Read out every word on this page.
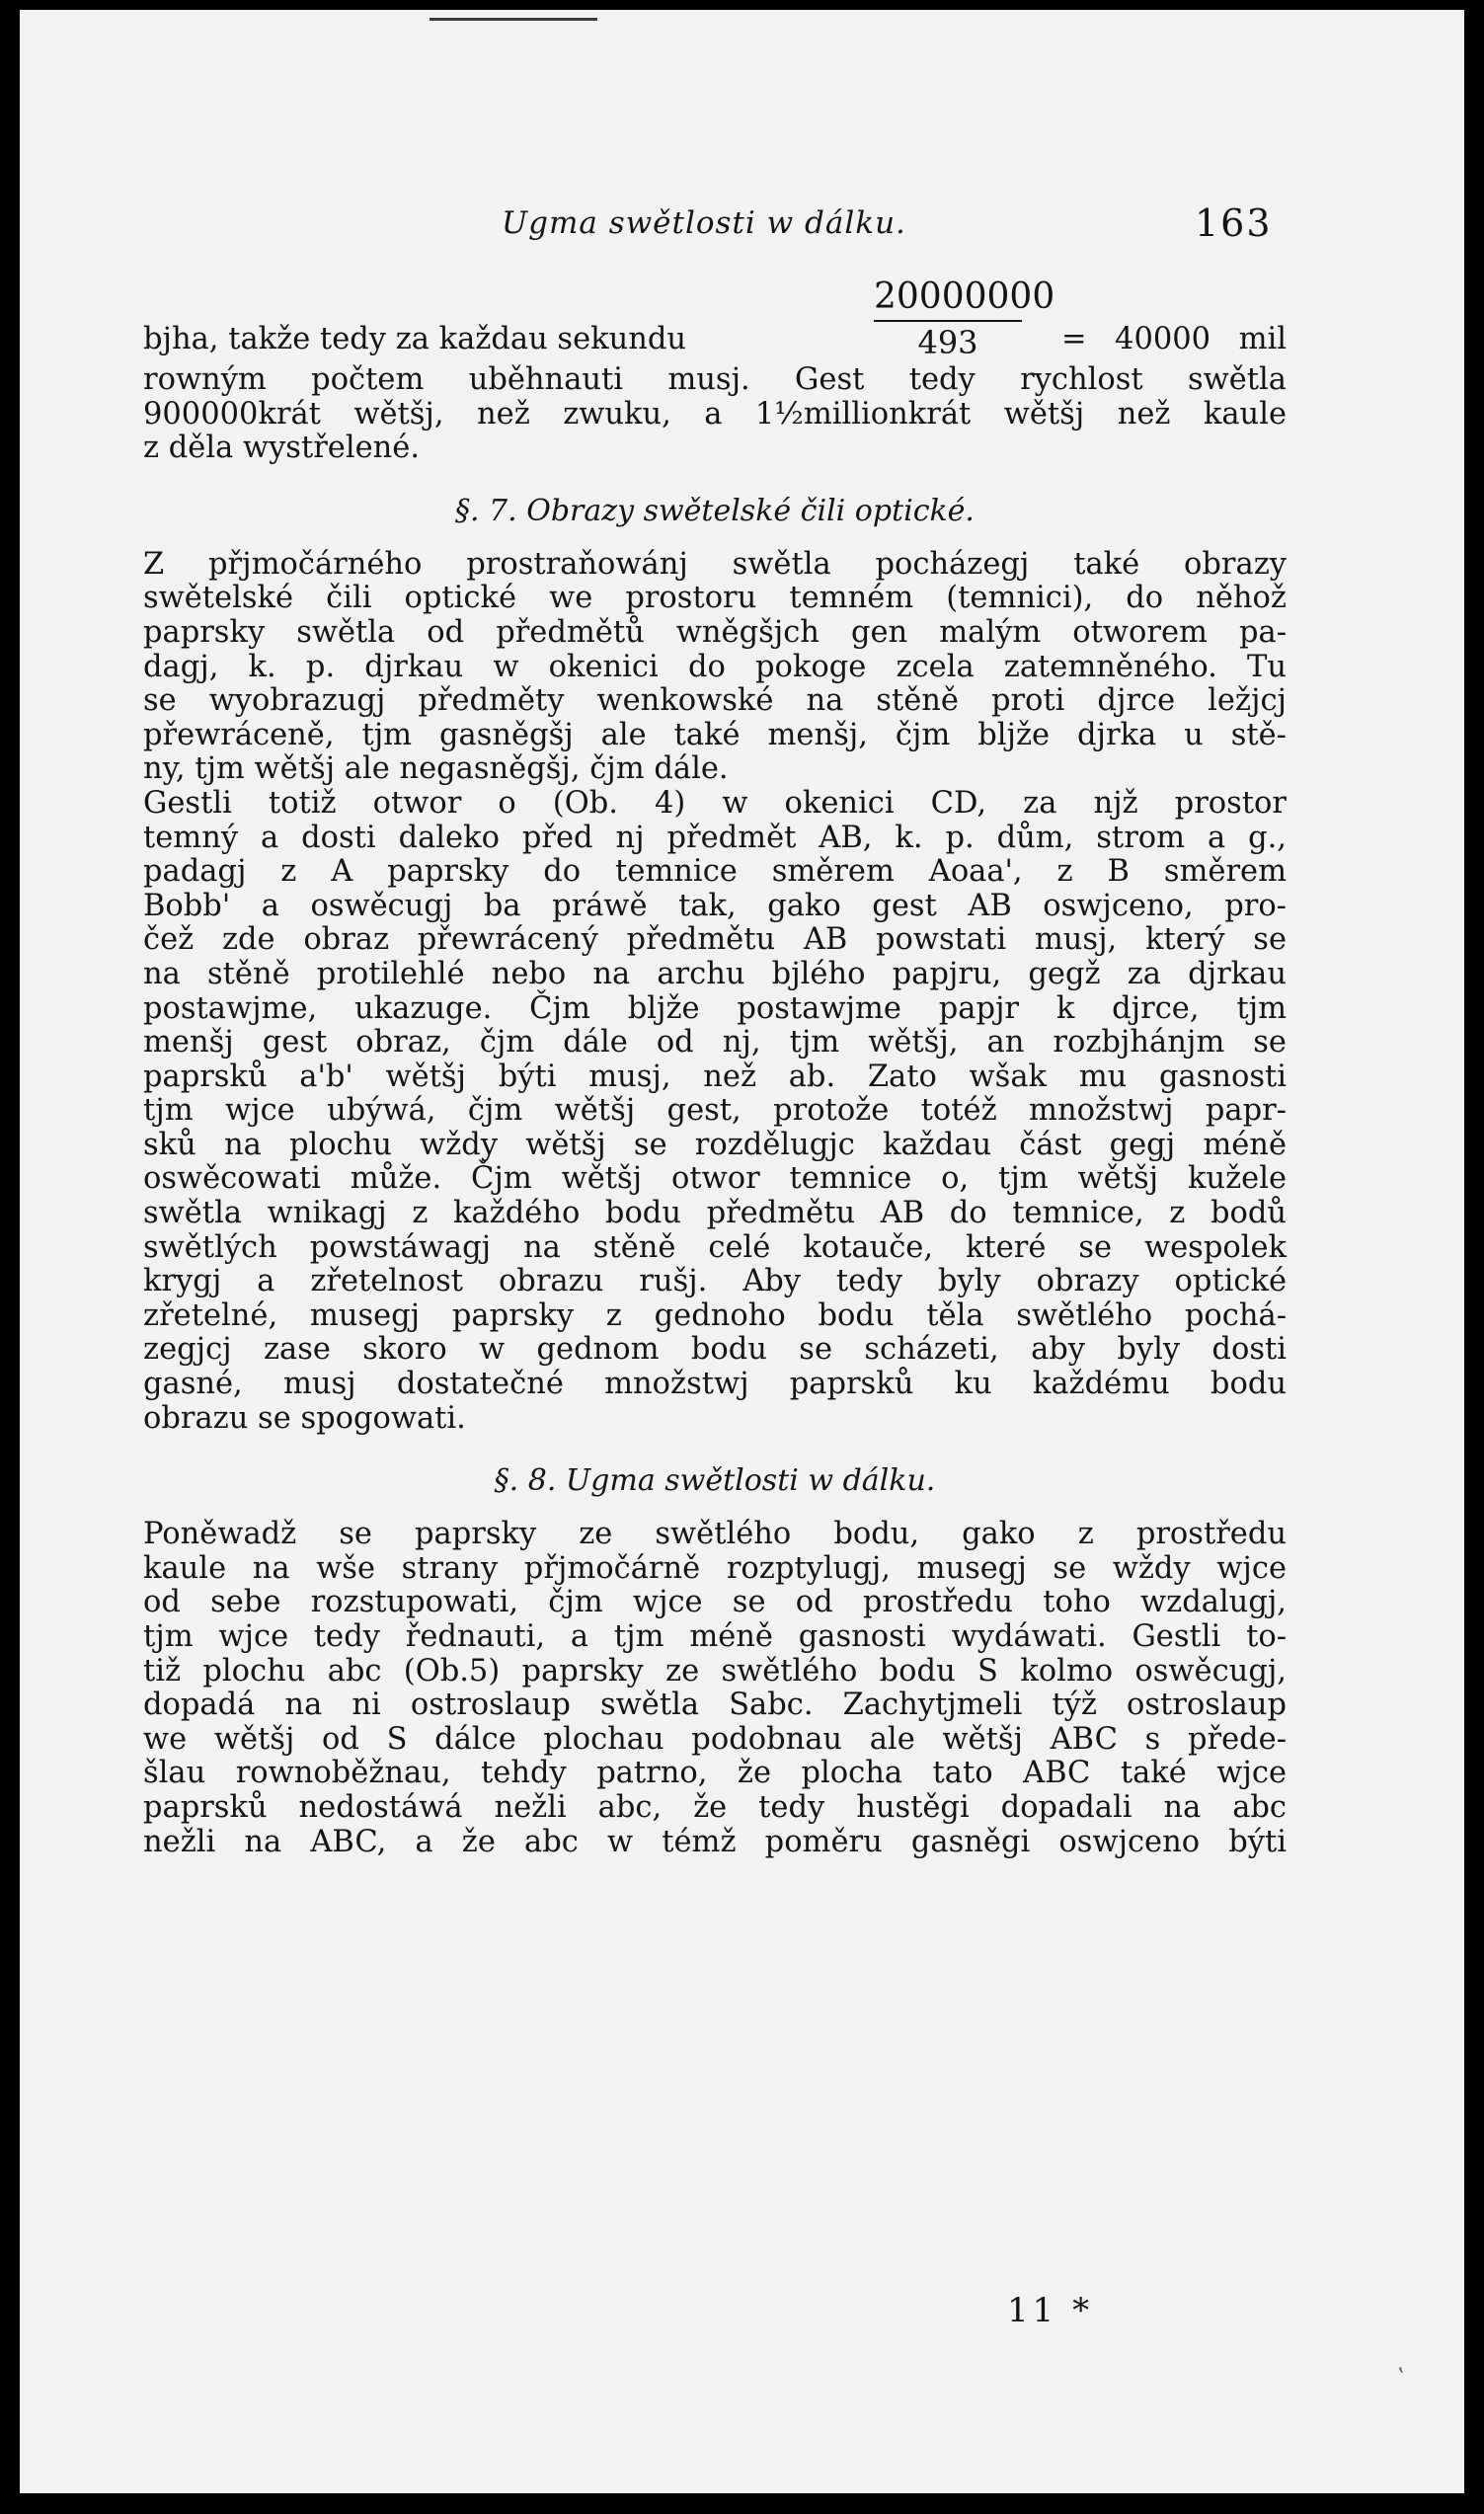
Ugma swětlosti w dálku.	163
bjha, takže tedy za každau sekundu
20000000
493	= 40000 mil
rowným počtem uběhnauti musj. Gest tedy rychlost swětla
900000krát wětšj, než zwuku, a 1½millionkrát wětšj než kaule
z děla wystřelené.
§. 7. Obrazy swětelské čili optické.
Z přjmočárného prostraňowánj swětla pocházegj také obrazy
swětelské čili optické we prostoru temném (temnici), do něhož
paprsky swětla od předmětů wněgšjch gen malým otworem pa-
dagj, k. p. djrkau w okenici do pokoge zcela zatemněného. Tu
se wyobrazugj předměty wenkowské na stěně proti djrce ležjcj
přewráceně, tjm gasněgšj ale také menšj, čjm bljže djrka u stě-
ny, tjm wětšj ale negasněgšj, čjm dále.
Gestli totiž otwor o (Ob. 4) w okenici CD, za njž prostor
temný a dosti daleko před nj předmět AB, k. p. dům, strom a g.,
padagj z A paprsky do temnice směrem Aoaa', z B směrem
Bobb' a oswěcugj ba práwě tak, gako gest AB oswjceno, pro-
čež zde obraz přewrácený předmětu AB powstati musj, který se
na stěně protilehlé nebo na archu bjlého papjru, gegž za djrkau
postawjme, ukazuge. Čjm bljže postawjme papjr k djrce, tjm
menšj gest obraz, čjm dále od nj, tjm wětšj, an rozbjhánjm se
paprsků a'b' wětšj býti musj, než ab. Zato wšak mu gasnosti
tjm wjce ubýwá, čjm wětšj gest, protože totéž množstwj papr-
sků na plochu wždy wětšj se rozdělugjc každau část gegj méně
oswěcowati může. Čjm wětšj otwor temnice o, tjm wětšj kužele
swětla wnikagj z každého bodu předmětu AB do temnice, z bodů
swětlých powstáwagj na stěně celé kotauče, které se wespolek
krygj a zřetelnost obrazu rušj. Aby tedy byly obrazy optické
zřetelné, musegj paprsky z gednoho bodu těla swětlého pochá-
zegjcj zase skoro w gednom bodu se scházeti, aby byly dosti
gasné, musj dostatečné množstwj paprsků ku každému bodu
obrazu se spogowati.
§. 8. Ugma swětlosti w dálku.
Poněwadž se paprsky ze swětlého bodu, gako z prostředu
kaule na wše strany přjmočárně rozptylugj, musegj se wždy wjce
od sebe rozstupowati, čjm wjce se od prostředu toho wzdalugj,
tjm wjce tedy řednauti, a tjm méně gasnosti wydáwati. Gestli to-
tiž plochu abc (Ob.5) paprsky ze swětlého bodu S kolmo oswěcugj,
dopadá na ni ostroslaup swětla Sabc. Zachytjmeli týž ostroslaup
we wětšj od S dálce plochau podobnau ale wětšj ABC s přede-
šlau rownoběžnau, tehdy patrno, že plocha tato ABC také wjce
paprsků nedostáwá nežli abc, že tedy hustěgi dopadali na abc
nežli na ABC, a že abc w témž poměru gasněgi oswjceno býti
11 *
ʽ
